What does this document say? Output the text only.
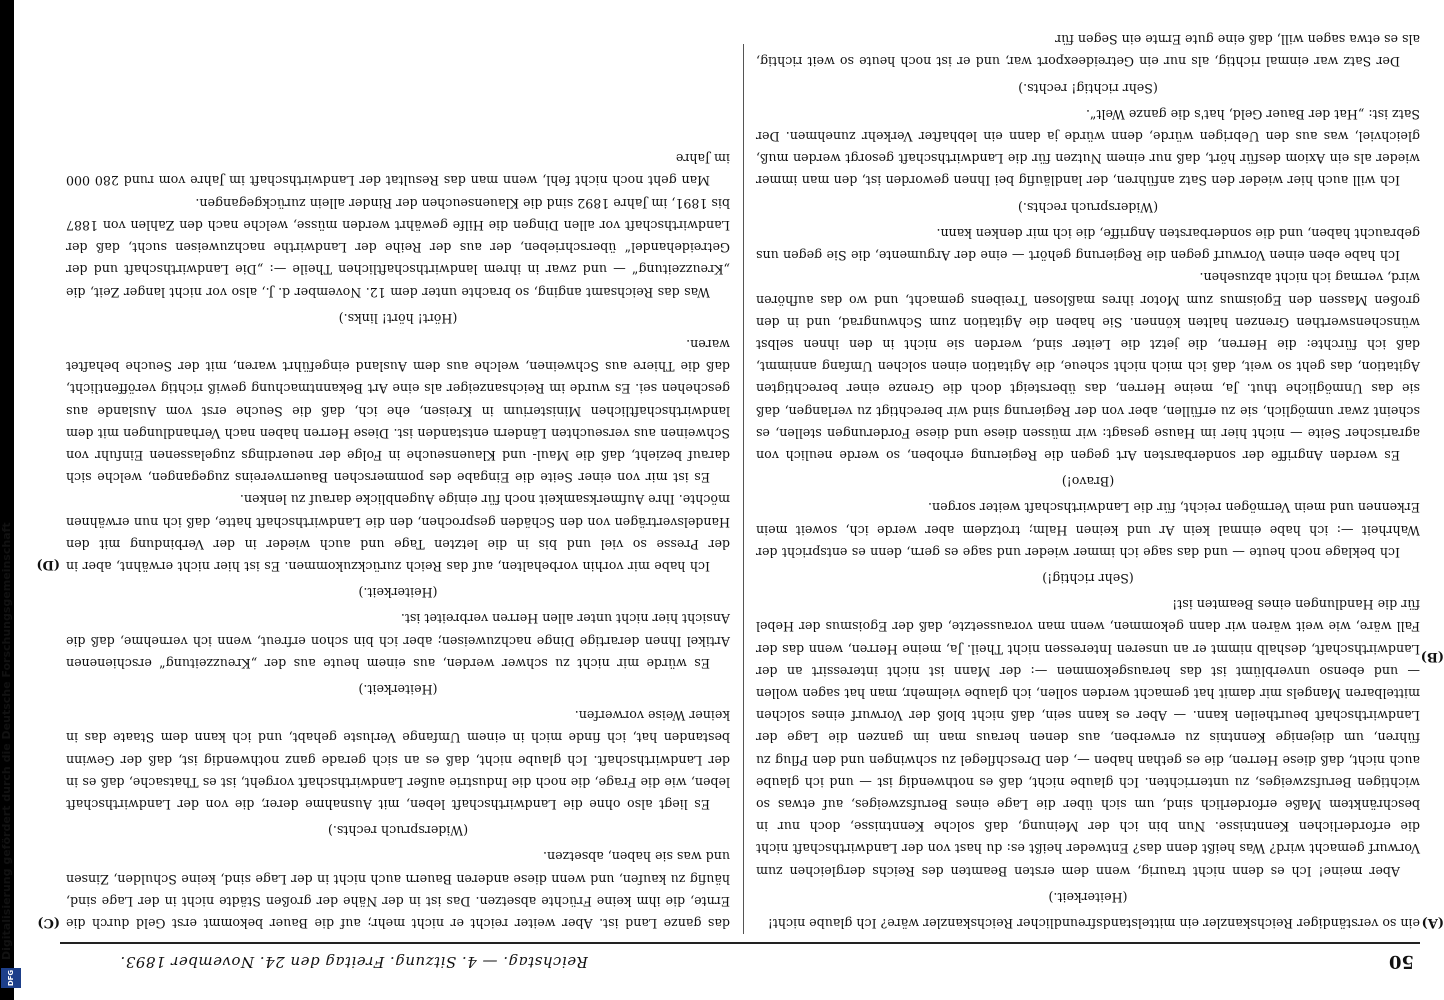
Digitalisierung gefördert durch die Deutsche Forschungsgemeinschaft
DFG
50
Reichstag. — 4. Sitzung. Freitag den 24. November 1893.
(A)
(B)
(C)
(D)

ein so verständiger Reichskanzler ein mittelstandsfreundlicher Reichskanzler wäre? Ich glaube nicht!

(Heiterkeit.)

Aber meine! Ich es denn nicht traurig, wenn dem ersten Beamten des Reichs dergleichen zum Vorwurf gemacht wird? Was heißt denn das? Entweder heißt es: du hast von der Landwirthschaft nicht die erforderlichen Kenntnisse. Nun bin ich der Meinung, daß solche Kenntnisse, doch nur in beschränktem Maße erforderlich sind, um sich über die Lage eines Berufszweiges, auf etwas so wichtigen Berufszweiges, zu unterrichten. Ich glaube nicht, daß es nothwendig ist — und ich glaube auch nicht, daß diese Herren, die es gethan haben —, den Dreschflegel zu schwingen und den Pflug zu führen, um diejenige Kenntnis zu erwerben, aus denen heraus man im ganzen die Lage der Landwirthschaft beurtheilen kann. — Aber es kann sein, daß nicht bloß der Vorwurf eines solchen mittelbaren Mangels mir damit hat gemacht werden sollen, ich glaube vielmehr, man hat sagen wollen — und ebenso unverblümt ist das herausgekommen —: der Mann ist nicht interessirt an der Landwirthschaft, deshalb nimmt er an unseren Interessen nicht Theil. Ja, meine Herren, wenn das der Fall wäre, wie weit wären wir dann gekommen, wenn man voraussetzte, daß der Egoismus der Hebel für die Handlungen eines Beamten ist!

(Sehr richtig!)

Ich beklage noch heute — und das sage ich immer wieder und sage es gern, denn es entspricht der Wahrheit —: ich habe einmal kein Ar und keinen Halm; trotzdem aber werde ich, soweit mein Erkennen und mein Vermögen reicht, für die Landwirthschaft weiter sorgen.

(Bravo!)

Es werden Angriffe der sonderbarsten Art gegen die Regierung erhoben, so werde neulich von agrarischer Seite — nicht hier im Hause gesagt: wir müssen diese und diese Forderungen stellen, es scheint zwar unmöglich, sie zu erfüllen, aber von der Regierung sind wir berechtigt zu verlangen, daß sie das Unmögliche thut. Ja, meine Herren, das übersteigt doch die Grenze einer berechtigten Agitation, das geht so weit, daß ich mich nicht scheue, die Agitation einen solchen Umfang annimmt, daß ich fürchte: die Herren, die jetzt die Leiter sind, werden sie nicht in den ihnen selbst wünschenswerthen Grenzen halten können. Sie haben die Agitation zum Schwungrad, und in den großen Massen den Egoismus zum Motor ihres maßlosen Treibens gemacht, und wo das aufhören wird, vermag ich nicht abzusehen.

Ich habe eben einen Vorwurf gegen die Regierung gehört — eine der Argumente, die Sie gegen uns gebraucht haben, und die sonderbarsten Angriffe, die ich mir denken kann.

(Widerspruch rechts.)

Ich will auch hier wieder den Satz anführen, der landläufig bei Ihnen geworden ist, den man immer wieder als ein Axiom desfür hört, daß nur einem Nutzen für die Landwirthschaft gesorgt werden muß, gleichviel, was aus den Uebrigen würde, denn würde ja dann ein lebhafter Verkehr zunehmen. Der Satz ist: „Hat der Bauer Geld, hat's die ganze Welt“.

(Sehr richtig! rechts.)

Der Satz war einmal richtig, als nur ein Getreideexport war, und er ist noch heute so weit richtig, als es etwa sagen will, daß eine gute Ernte ein Segen für

das ganze Land ist. Aber weiter reicht er nicht mehr; auf die Bauer bekommt erst Geld durch die Ernte, die ihm keine Früchte absetzen. Das ist in der Nähe der großen Städte nicht in der Lage sind, häufig zu kaufen, und wenn diese anderen Bauern auch nicht in der Lage sind, keine Schulden, Zinsen und was sie haben, absetzen.

(Widerspruch rechts.)

Es liegt also ohne die Landwirthschaft leben, mit Ausnahme derer, die von der Landwirthschaft leben, wie die Frage, die noch die Industrie außer Landwirthschaft vorgeht, ist es Thatsache, daß es in der Landwirthschaft. Ich glaube nicht, daß es an sich gerade ganz nothwendig ist, daß der Gewinn bestanden hat, ich finde mich in einem Umfange Verluste gehabt, und ich kann dem Staate das in keiner Weise vorwerfen.

(Heiterkeit.)

Es würde mir nicht zu schwer werden, aus einem heute aus der „Kreuzzeitung“ erschienenen Artikel Ihnen derartige Dinge nachzuweisen; aber ich bin schon erfreut, wenn ich vernehme, daß die Ansicht hier nicht unter allen Herren verbreitet ist.

(Heiterkeit.)

Ich habe mir vorhin vorbehalten, auf das Reich zurückzukommen. Es ist hier nicht erwähnt, aber in der Presse so viel und bis in die letzten Tage und auch wieder in der Verbindung mit den Handelsverträgen von den Schäden gesprochen, den die Landwirthschaft hatte, daß ich nun erwähnen möchte. Ihre Aufmerksamkeit noch für einige Augenblicke darauf zu lenken.

Es ist mir von einer Seite die Eingabe des pommerschen Bauernvereins zugegangen, welche sich darauf bezieht, daß die Maul- und Klauenseuche in Folge der neuerdings zugelassenen Einfuhr von Schweinen aus verseuchten Ländern entstanden ist. Diese Herren haben nach Verhandlungen mit dem landwirthschaftlichen Ministerium in Kreisen, ehe ich, daß die Seuche erst vom Auslande aus geschehen sei. Es wurde im Reichsanzeiger als eine Art Bekanntmachung gewiß richtig veröffentlicht, daß die Thiere aus Schweinen, welche aus dem Ausland eingeführt waren, mit der Seuche behaftet waren.

(Hört! hört! links.)

Was das Reichsamt anging, so brachte unter dem 12. November d. J., also vor nicht langer Zeit, die „Kreuzzeitung“ — und zwar in ihrem landwirthschaftlichen Theile —: „Die Landwirthschaft und der Getreidehandel“ überschrieben, der aus der Reihe der Landwirthe nachzuweisen sucht, daß der Landwirthschaft vor allen Dingen die Hilfe gewährt werden müsse, welche nach den Zahlen von 1887 bis 1891, im Jahre 1892 sind die Klauenseuchen der Rinder allein zurückgegangen.

Man geht noch nicht fehl, wenn man das Resultat der Landwirthschaft im Jahre vom rund 280 000 im Jahre
